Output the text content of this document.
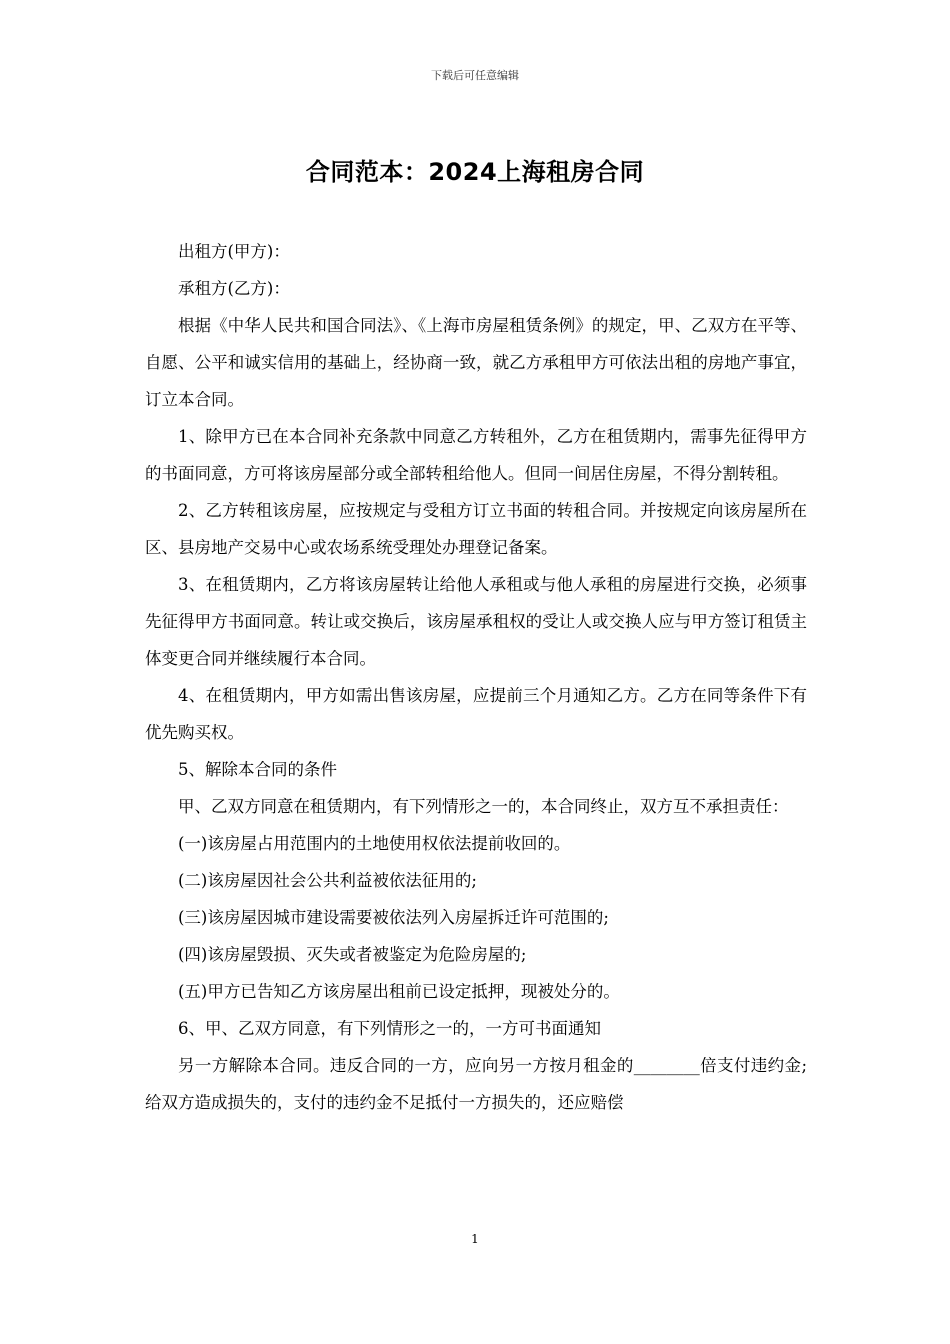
下载后可任意编辑
合同范本：2024上海租房合同

出租方(甲方)：

承租方(乙方)：

根据《中华人民共和国合同法》、《上海市房屋租赁条例》的规定，甲、乙双方在平等、自愿、公平和诚实信用的基础上，经协商一致，就乙方承租甲方可依法出租的房地产事宜，订立本合同。

1、除甲方已在本合同补充条款中同意乙方转租外，乙方在租赁期内，需事先征得甲方的书面同意，方可将该房屋部分或全部转租给他人。但同一间居住房屋，不得分割转租。

2、乙方转租该房屋，应按规定与受租方订立书面的转租合同。并按规定向该房屋所在区、县房地产交易中心或农场系统受理处办理登记备案。

3、在租赁期内，乙方将该房屋转让给他人承租或与他人承租的房屋进行交换，必须事先征得甲方书面同意。转让或交换后，该房屋承租权的受让人或交换人应与甲方签订租赁主体变更合同并继续履行本合同。

4、在租赁期内，甲方如需出售该房屋，应提前三个月通知乙方。乙方在同等条件下有优先购买权。

5、解除本合同的条件

甲、乙双方同意在租赁期内，有下列情形之一的，本合同终止，双方互不承担责任：

(一)该房屋占用范围内的土地使用权依法提前收回的。

(二)该房屋因社会公共利益被依法征用的;

(三)该房屋因城市建设需要被依法列入房屋拆迁许可范围的;

(四)该房屋毁损、灭失或者被鉴定为危险房屋的;

(五)甲方已告知乙方该房屋出租前已设定抵押，现被处分的。

6、甲、乙双方同意，有下列情形之一的，一方可书面通知

另一方解除本合同。违反合同的一方，应向另一方按月租金的________倍支付违约金;给双方造成损失的，支付的违约金不足抵付一方损失的，还应赔偿

1
